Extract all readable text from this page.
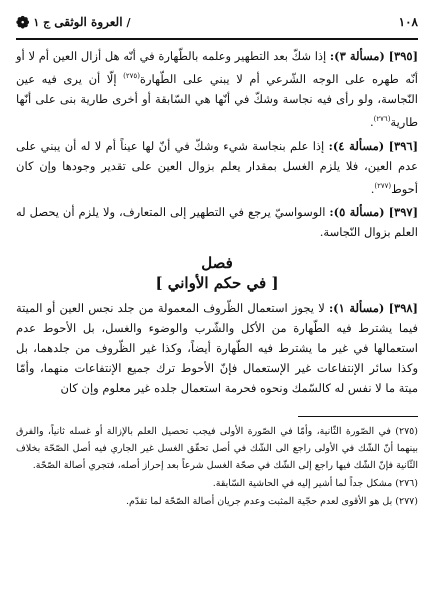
١٠٨
/
العروة الوثقى
ج ١
❁

[٣٩٥] (مسألة ٣): إذا شكّ بعد التطهير وعلمه بالطّهارة في أنّه هل أزال العين أم لا أو أنّه طهره على الوجه الشّرعي أم لا يبني على الطّهارة$^{(٢٧٥)}$ إلّا أن يرى فيه عين النّجاسة، ولو رأى فيه نجاسة وشكّ في أنّها هي السّابقة أو أخرى طارية بنى على أنّها طارية$^{(٢٧٦)}$.

[٣٩٦] (مسألة ٤): إذا علم بنجاسة شيء وشكّ في أنّ لها عيناً أم لا له أن يبني على عدم العين، فلا يلزم الغسل بمقدار يعلم بزوال العين على تقدير وجودها وإن كان أحوط$^{(٢٧٧)}$.

[٣٩٧] (مسألة ٥): الوسواسيّ يرجع في التطهير إلى المتعارف، ولا يلزم أن يحصل له العلم بزوال النّجاسة.

فصل
[ في حكم الأواني ]

[٣٩٨] (مسألة ١): لا يجوز استعمال الظّروف المعمولة من جلد نجس العين أو الميتة فيما يشترط فيه الطّهارة من الأكل والشّرب والوضوء والغسل، بل الأحوط عدم استعمالها في غير ما يشترط فيه الطّهارة أيضاً، وكذا غير الظّروف من جلدهما، بل وكذا سائر الإنتفاعات غير الإستعمال فإنّ الأحوط ترك جميع الإنتفاعات منهما، وأمّا ميتة ما لا نفس له كالسّمك ونحوه فحرمة استعمال جلده غير معلوم وإن كان

(٢٧٥) في الصّورة الثّانية، وأمّا في الصّورة الأولى فيجب تحصيل العلم بالإزالة أو غسله ثانياً، والفرق بينهما أنّ الشّك في الأولى راجع الى الشّك في أصل تحقّق الغسل غير الجاري فيه أصل الصّحّة بخلاف الثّانية فإنّ الشّك فيها راجع إلى الشّك في صحّة الغسل شرعاً بعد إحراز أصله، فتجري أصالة الصّحّة.

(٢٧٦) مشكل جداً لما أشير إليه في الحاشية السّابقة.

(٢٧٧) بل هو الأقوى لعدم حجّية المثبت وعدم جريان أصالة الصّحّة لما تقدّم.
